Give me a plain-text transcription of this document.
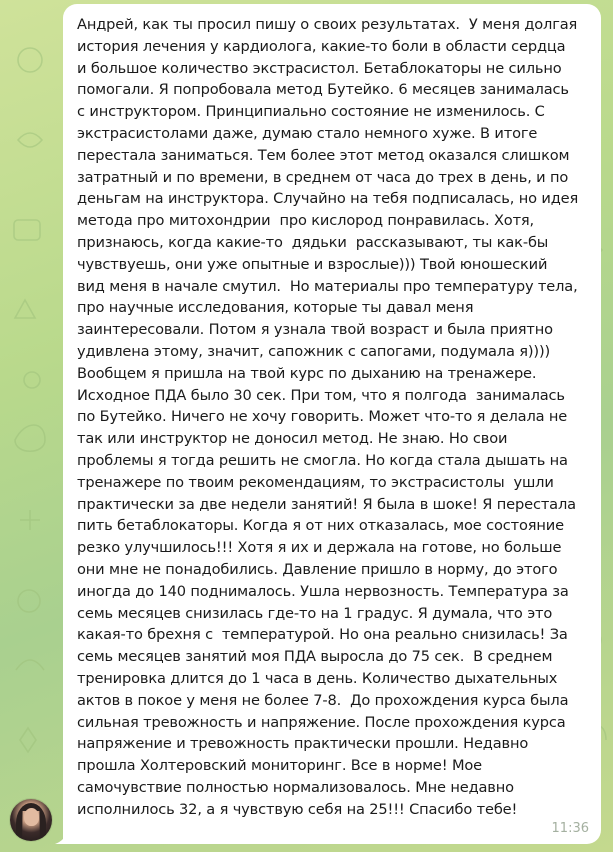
Андрей, как ты просил пишу о своих результатах.  У меня долгая
история лечения у кардиолога, какие-то боли в области сердца
и большое количество экстрасистол. Бетаблокаторы не сильно
помогали. Я попробовала метод Бутейко. 6 месяцев занималась
с инструктором. Принципиально состояние не изменилось. С
экстрасистолами даже, думаю стало немного хуже. В итоге
перестала заниматься. Тем более этот метод оказался слишком
затратный и по времени, в среднем от часа до трех в день, и по
деньгам на инструктора. Случайно на тебя подписалась, но идея
метода про митохондрии  про кислород понравилась. Хотя,
признаюсь, когда какие-то  дядьки  рассказывают, ты как-бы
чувствуешь, они уже опытные и взрослые))) Твой юношеский
вид меня в начале смутил.  Но материалы про температуру тела,
про научные исследования, которые ты давал меня
заинтересовали. Потом я узнала твой возраст и была приятно
удивлена этому, значит, сапожник с сапогами, подумала я))))
Вообщем я пришла на твой курс по дыханию на тренажере.
Исходное ПДА было 30 сек. При том, что я полгода  занималась
по Бутейко. Ничего не хочу говорить. Может что-то я делала не
так или инструктор не доносил метод. Не знаю. Но свои
проблемы я тогда решить не смогла. Но когда стала дышать на
тренажере по твоим рекомендациям, то экстрасистолы  ушли
практически за две недели занятий! Я была в шоке! Я перестала
пить бетаблокаторы. Когда я от них отказалась, мое состояние
резко улучшилось!!! Хотя я их и держала на готове, но больше
они мне не понадобились. Давление пришло в норму, до этого
иногда до 140 поднималось. Ушла нервозность. Температура за
семь месяцев снизилась где-то на 1 градус. Я думала, что это
какая-то брехня с  температурой. Но она реально снизилась! За
семь месяцев занятий моя ПДА выросла до 75 сек.  В среднем
тренировка длится до 1 часа в день. Количество дыхательных
актов в покое у меня не более 7-8.  До прохождения курса была
сильная тревожность и напряжение. После прохождения курса
напряжение и тревожность практически прошли. Недавно
прошла Холтеровский мониторинг. Все в норме! Мое
самочувствие полностью нормализовалось. Мне недавно
исполнилось 32, а я чувствую себя на 25!!! Спасибо тебе!
11:36
